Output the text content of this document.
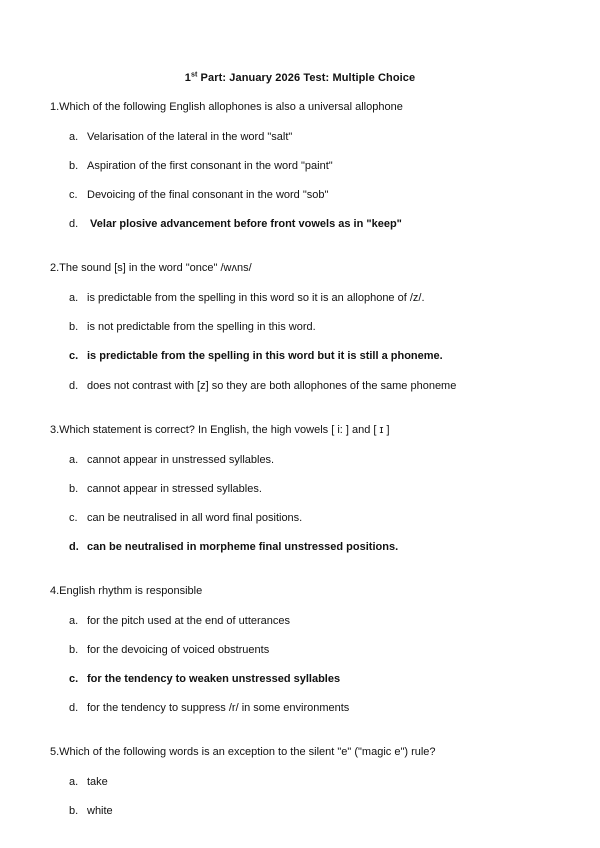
1st Part: January 2026 Test: Multiple Choice
1.Which of the following English allophones is also a universal allophone
a. Velarisation of the lateral in the word "salt"
b. Aspiration of the first consonant in the word "paint"
c. Devoicing of the final consonant in the word "sob"
d. Velar plosive advancement before front vowels as in "keep"
2.The sound [s] in the word "once" /wʌns/
a. is predictable from the spelling in this word so it is an allophone of /z/.
b. is not predictable from the spelling in this word.
c. is predictable from the spelling in this word but it is still a phoneme.
d. does not contrast with [z] so they are both allophones of the same phoneme
3.Which statement is correct? In English, the high vowels [ i: ] and [ ɪ ]
a. cannot appear in unstressed syllables.
b. cannot appear in stressed syllables.
c. can be neutralised in all word final positions.
d. can be neutralised in morpheme final unstressed positions.
4.English rhythm is responsible
a. for the pitch used at the end of utterances
b. for the devoicing of voiced obstruents
c. for the tendency to weaken unstressed syllables
d. for the tendency to suppress /r/ in some environments
5.Which of the following words is an exception to the silent "e" ("magic e") rule?
a. take
b. white
